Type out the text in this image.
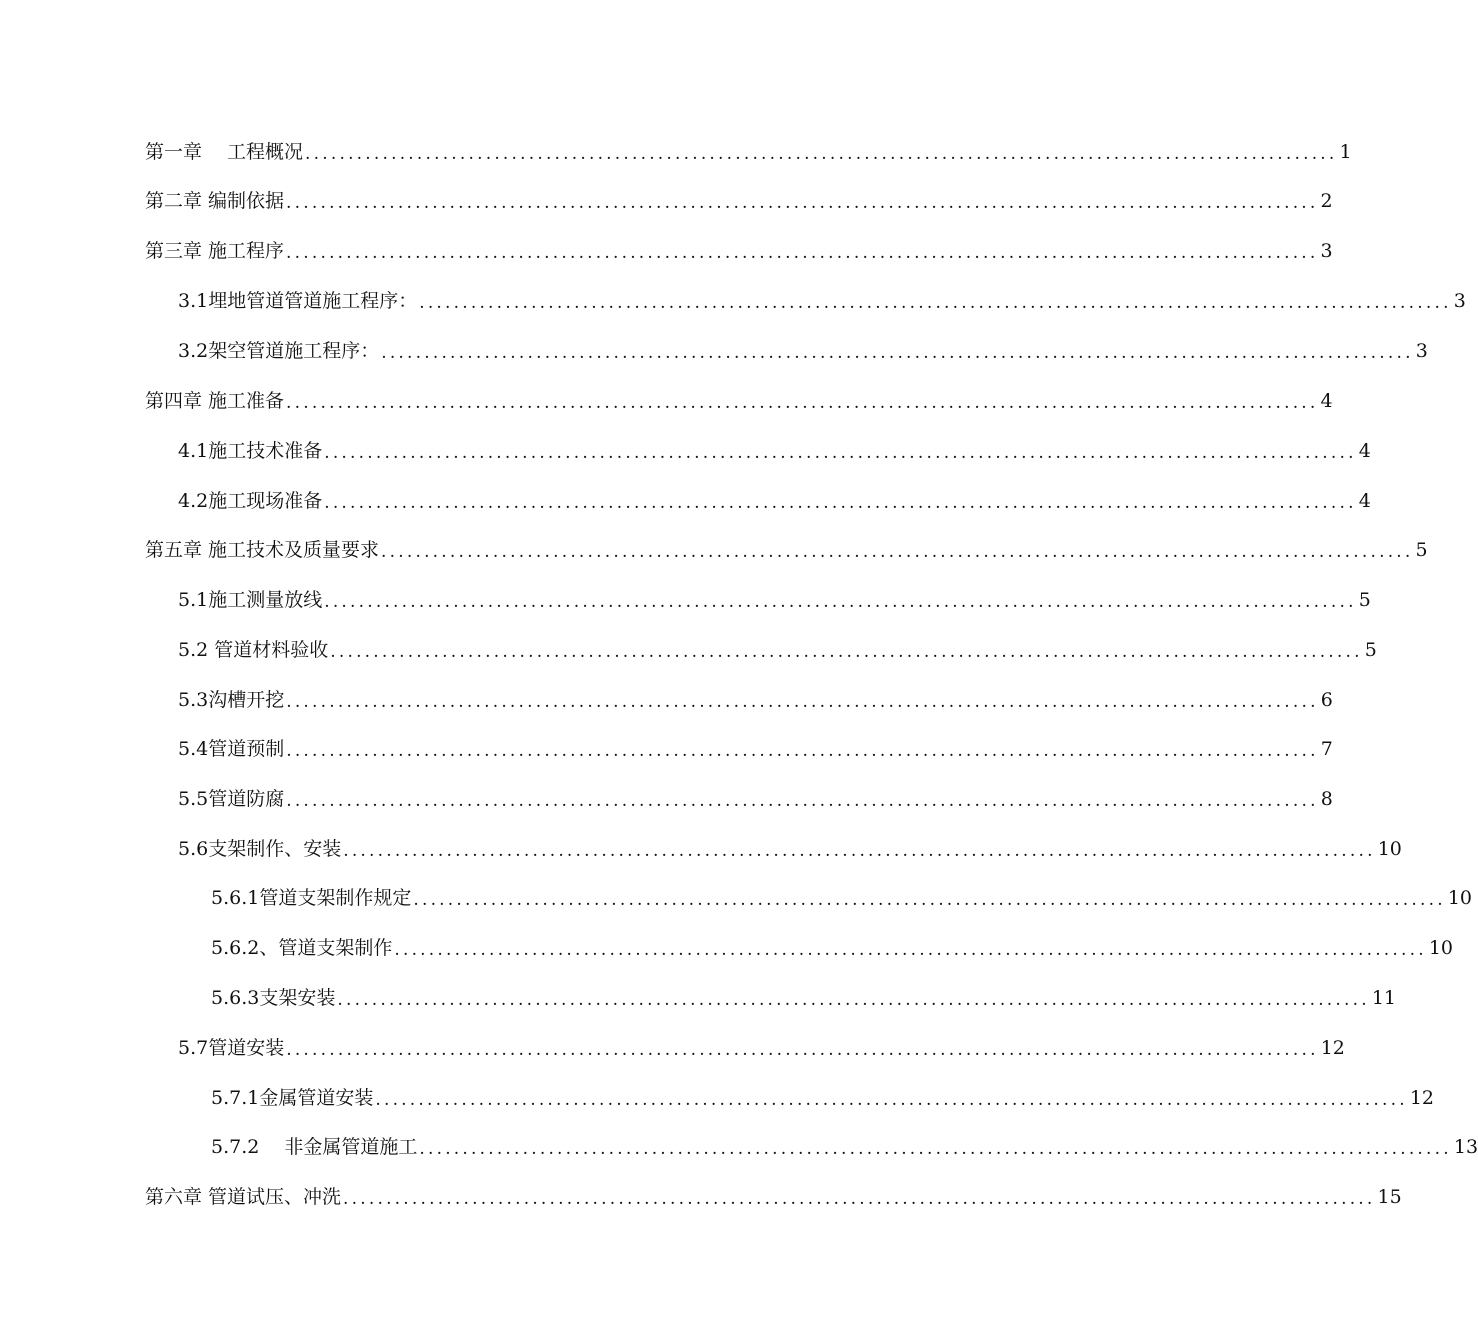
第一章　 工程概况 ........................................................................................................................ 1
第二章 编制依据 ........................................................................................................................ 2
第三章 施工程序 ........................................................................................................................ 3
3.1埋地管道管道施工程序： ........................................................................................................................ 3
3.2架空管道施工程序： ........................................................................................................................ 3
第四章 施工准备 ........................................................................................................................ 4
4.1施工技术准备 ........................................................................................................................ 4
4.2施工现场准备 ........................................................................................................................ 4
第五章 施工技术及质量要求 ........................................................................................................................ 5
5.1施工测量放线 ........................................................................................................................ 5
5.2 管道材料验收 ........................................................................................................................ 5
5.3沟槽开挖 ........................................................................................................................ 6
5.4管道预制 ........................................................................................................................ 7
5.5管道防腐 ........................................................................................................................ 8
5.6支架制作、安装 ........................................................................................................................ 10
5.6.1管道支架制作规定 ........................................................................................................................ 10
5.6.2、管道支架制作 ........................................................................................................................ 10
5.6.3支架安装 ........................................................................................................................ 11
5.7管道安装 ........................................................................................................................ 12
5.7.1金属管道安装 ........................................................................................................................ 12
5.7.2　 非金属管道施工 ........................................................................................................................ 13
第六章 管道试压、冲洗 ........................................................................................................................ 15
